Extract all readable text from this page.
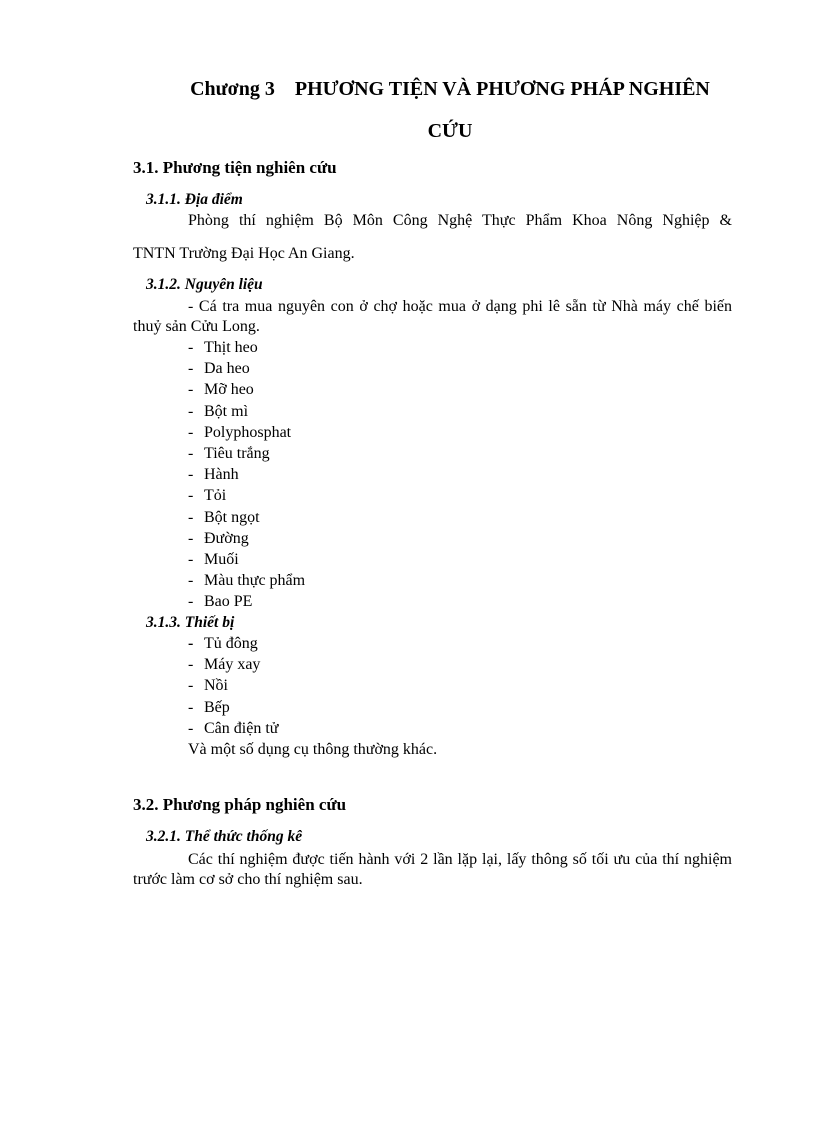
Chương 3    PHƯƠNG TIỆN VÀ PHƯƠNG PHÁP NGHIÊN
CỨU
3.1. Phương tiện nghiên cứu
3.1.1. Địa điểm
Phòng thí nghiệm Bộ Môn Công Nghệ Thực Phẩm Khoa Nông Nghiệp &
TNTN Trường Đại Học An Giang.
3.1.2. Nguyên liệu
- Cá tra mua nguyên con ở chợ hoặc mua ở dạng phi lê sẵn từ Nhà máy chế biến thuỷ sản Cửu Long.
- Thịt heo
- Da heo
- Mỡ heo
- Bột mì
- Polyphosphat
- Tiêu trắng
- Hành
- Tỏi
- Bột ngọt
- Đường
- Muối
- Màu thực phẩm
- Bao PE
3.1.3. Thiết bị
- Tủ đông
- Máy xay
- Nồi
- Bếp
- Cân điện tử
Và một số dụng cụ thông thường khác.
3.2. Phương pháp nghiên cứu
3.2.1. Thể thức thống kê
Các thí nghiệm được tiến hành với 2 lần lặp lại, lấy thông số tối ưu của thí nghiệm trước làm cơ sở cho thí nghiệm sau.
